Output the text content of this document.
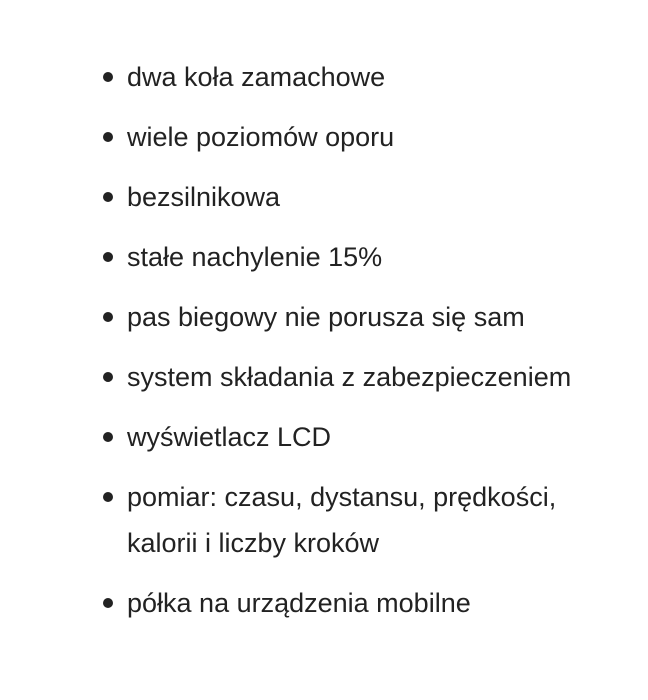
dwa koła zamachowe
wiele poziomów oporu
bezsilnikowa
stałe nachylenie 15%
pas biegowy nie porusza się sam
system składania z zabezpieczeniem
wyświetlacz LCD
pomiar: czasu, dystansu, prędkości, kalorii i liczby kroków
półka na urządzenia mobilne
